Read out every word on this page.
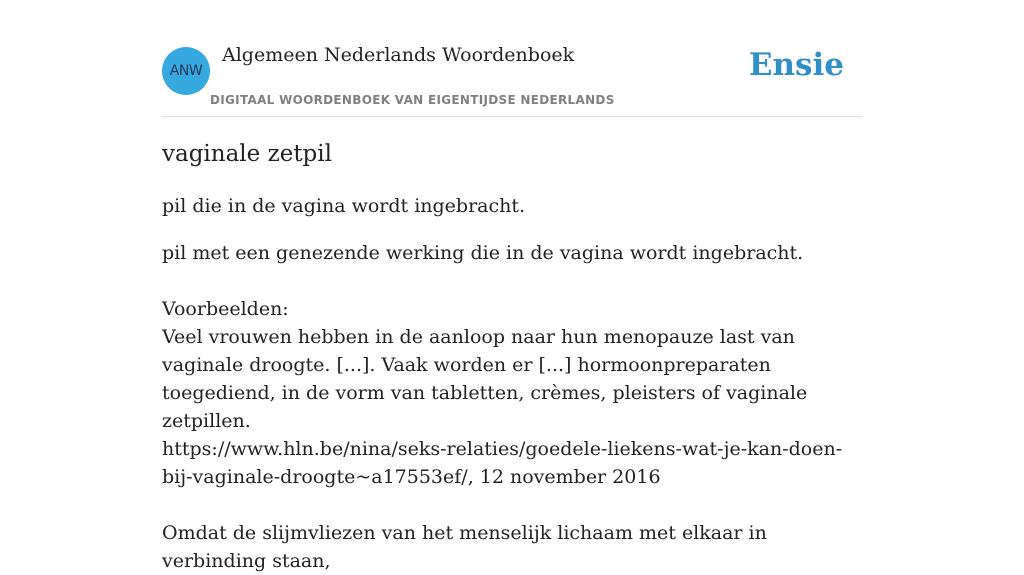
ANW
Algemeen Nederlands Woordenboek
DIGITAAL WOORDENBOEK VAN EIGENTIJDSE NEDERLANDS
Ensie
vaginale zetpil

pil die in de vagina wordt ingebracht.

pil met een genezende werking die in de vagina wordt ingebracht.

Voorbeelden:

Veel vrouwen hebben in de aanloop naar hun menopauze last van vaginale droogte. [...]. Vaak worden er [...] hormoonpreparaten toegediend, in de vorm van tabletten, crèmes, pleisters of vaginale zetpillen.

https://www.hln.be/nina/seks-relaties/goedele-liekens-wat-je-kan-doen-bij-vaginale-droogte~a17553ef/, 12 november 2016

Omdat de slijmvliezen van het menselijk lichaam met elkaar in verbinding staan,
